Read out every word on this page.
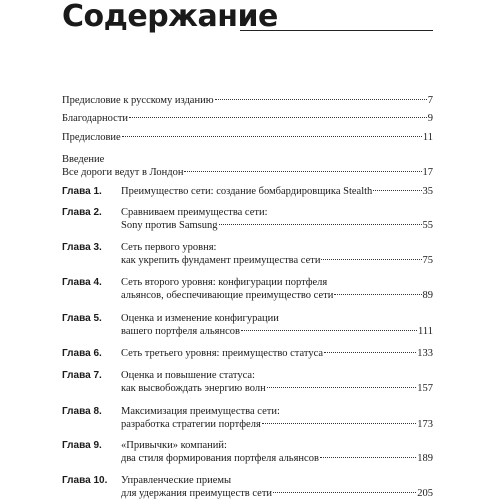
Содержание
Предисловие к русскому изданию	7
Благодарности	9
Предисловие	11
Введение
Все дороги ведут в Лондон	17
Глава 1.	Преимущество сети: создание бомбардировщика Stealth	35
Глава 2.	Сравниваем преимущества сети:
Sony против Samsung	55
Глава 3.	Сеть первого уровня:
как укрепить фундамент преимущества сети	75
Глава 4.	Сеть второго уровня: конфигурации портфеля
альянсов, обеспечивающие преимущество сети	89
Глава 5.	Оценка и изменение конфигурации
вашего портфеля альянсов	111
Глава 6.	Сеть третьего уровня: преимущество статуса	133
Глава 7.	Оценка и повышение статуса:
как высвобождать энергию волн	157
Глава 8.	Максимизация преимущества сети:
разработка стратегии портфеля	173
Глава 9.	«Привычки» компаний:
два стиля формирования портфеля альянсов	189
Глава 10.	Управленческие приемы
для удержания преимуществ сети	205
